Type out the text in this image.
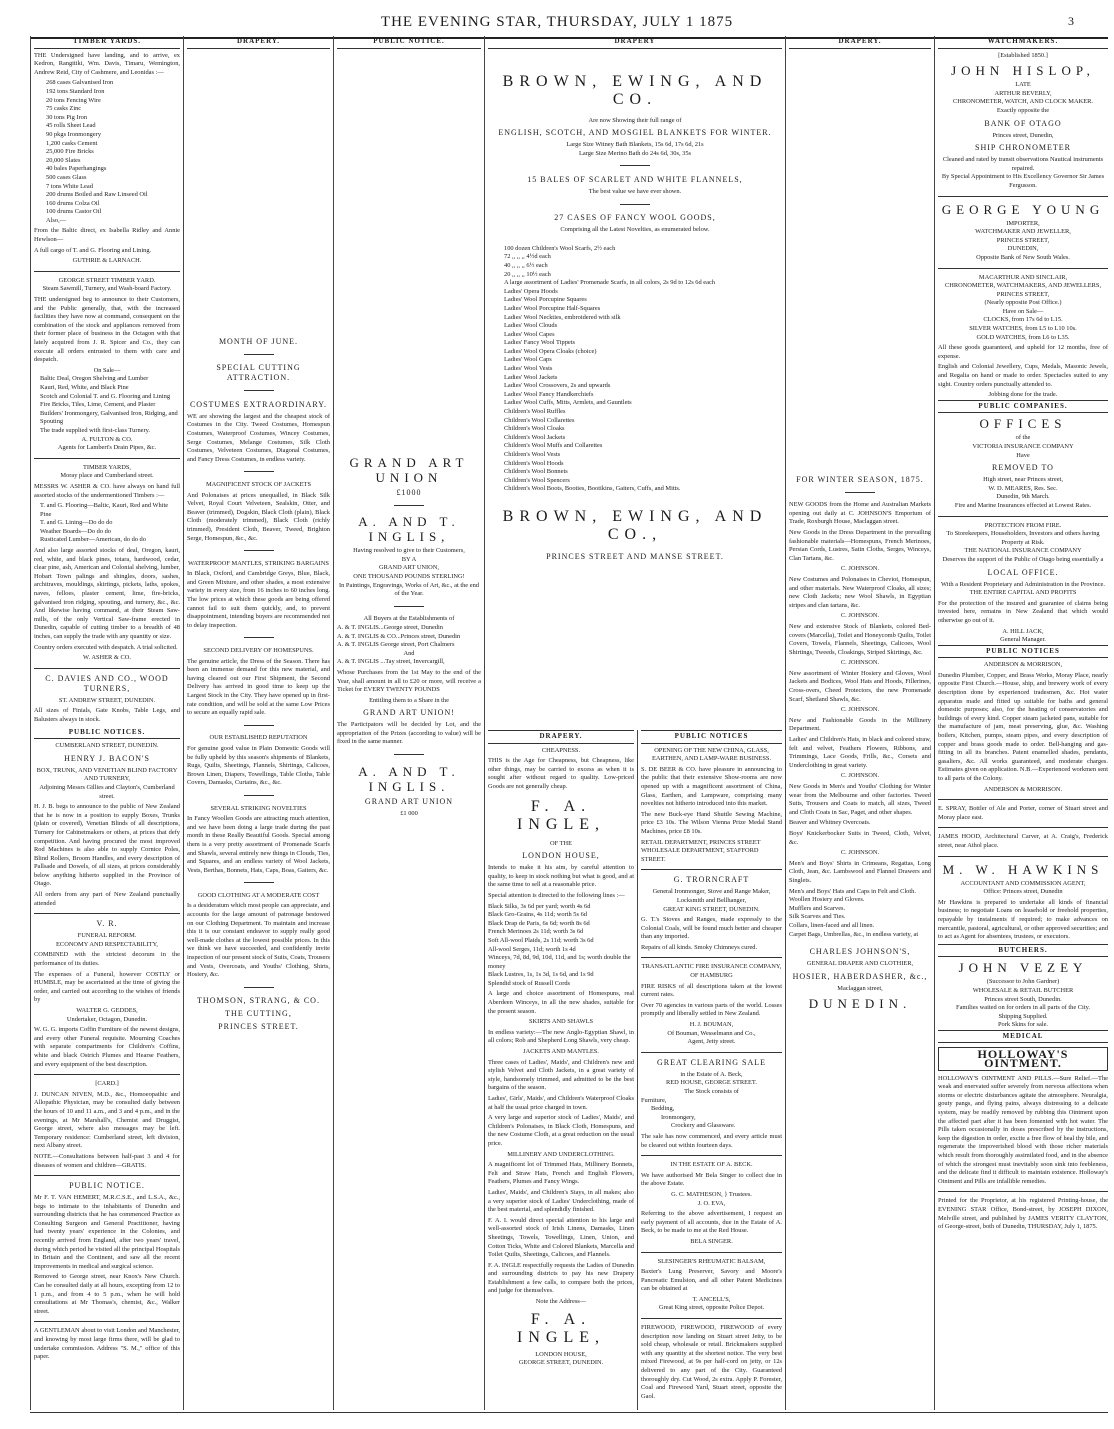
THE EVENING STAR, THURSDAY, JULY 1 1875	3
TIMBER YARDS.
THE Undersigned have landing, and to arrive, ex Kedron, Rangitiki, Wm. Davis, Timaru, Wemington, Andrew Reid, City of Cashmere, and Leonidas :—
268 cases Galvanised Iron
192 tons Standard Iron
20 tons Fencing Wire
75 casks Zinc
30 tons Pig Iron
45 rolls Sheet Lead
90 pkgs Ironmongery
1,200 casks Cement
25,000 Fire Bricks
20,000 Slates
40 bales Paperhangings
500 cases Glass
7 tons White Lead
200 drums Boiled and Raw Linseed Oil
160 drums Colza Oil
100 drums Castor Oil
Also,—
From the Baltic direct, ex Isabella Ridley and Annie Hewlson—
A full cargo of T. and G. Flooring and Lining.
GUTHRIE & LARNACH.
GEORGE STREET TIMBER YARD.
Steam Sawmill, Turnery, and Wash-board Factory.
THE undersigned beg to announce to their Customers, and the Public generally, that, with the increased facilities they have now at command, consequent on the combination of the stock and appliances removed from their former place of business in the Octagon with that lately acquired from J. R. Spicer and Co., they can execute all orders entrusted to them with care and despatch.
On Sale—
Baltic Deal, Oregon Shelving and Lumber
Kauri, Red, White, and Black Pine
Scotch and Colonial T. and G. Flooring and Lining
Fire Bricks, Tiles, Lime, Cement, and Plaster
Builders' Ironmongery, Galvanised Iron, Ridging, and Spouting
The trade supplied with first-class Turnery.
A. FULTON & CO.
Agents for Lambert's Drain Pipes, &c.
TIMBER YARDS,
Moray place and Cumberland street.
MESSRS W. ASHER & CO. have always on hand full assorted stocks of the undermentioned Timbers :—
T. and G. Flooring—Baltic, Kauri, Red and White Pine
T. and G. Lining—Do do do
Weather Boards—Do do do
Rusticated Lumber—American, do do do
And also large assorted stocks of deal, Oregon, kauri, red, white, and black pines, totara, hardwood, cedar, clear pine, ash, American and Colonial shelving, lumber, Hobart Town palings and shingles, doors, sashes, architraves, mouldings, skirtings, pickets, laths, spokes, naves, felloes, plaster cement, lime, fire-bricks, galvanised iron ridging, spouting, and turnery, &c., &c. And likewise having command, at their Steam Saw-mills, of the only Vertical Saw-frame erected in Dunedin, capable of cutting timber to a breadth of 48 inches, can supply the trade with any quantity or size.
Country orders executed with despatch. A trial solicited.
W. ASHER & CO.
C. DAVIES AND CO., WOOD TURNERS,
ST. ANDREW STREET, DUNEDIN.
All sizes of Finials, Gate Knobs, Table Legs, and Balusters always in stock.
PUBLIC NOTICES.
CUMBERLAND STREET, DUNEDIN.
HENRY J. BACON'S
BOX, TRUNK, AND VENETIAN BLIND FACTORY AND TURNERY,
Adjoining Messrs Gillies and Clayton's, Cumberland street.
H. J. B. begs to announce to the public of New Zealand that he is now in a position to supply Boxes, Trunks (plain or covered), Venetian Blinds of all descriptions, Turnery for Cabinetmakers or others, at prices that defy competition. And having procured the most improved Rod Machines is also able to supply Cornice Poles, Blind Rollers, Broom Handles, and every description of Pallsade and Dowels, of all sizes, at prices considerably below anything hitherto supplied in the Province of Otago.
All orders from any part of New Zealand punctually attended
V. R.
FUNERAL REFORM.
ECONOMY AND RESPECTABILITY,
COMBINED with the strictest decorum in the performance of its duties.
The expenses of a Funeral, however COSTLY or HUMBLE, may be ascertained at the time of giving the order, and carried out according to the wishes of friends by
WALTER G. GEDDES,
Undertaker, Octagon, Dunedin.
W. G. G. imports Coffin Furniture of the newest designs, and every other Funeral requisite. Mourning Coaches with separate compartments for Children's Coffins, white and black Ostrich Plumes and Hearse Feathers, and every equipment of the best description.
[CARD.]
J. DUNCAN NIVEN, M.D., &c., Homoeopathic and Allopathic Physician, may be consulted daily between the hours of 10 and 11 a.m., and 3 and 4 p.m., and in the evenings, at Mr Marshall's, Chemist and Druggist, George street, where also messages may be left. Temporary residence: Cumberland street, left division, next Albany street.
NOTE.—Consultations between half-past 3 and 4 for diseases of women and children—GRATIS.
PUBLIC NOTICE.
Mr F. T. VAN HEMERT, M.R.C.S.E., and L.S.A., &c., begs to intimate to the inhabitants of Dunedin and surrounding districts that he has commenced Practice as Consulting Surgeon and General Practitioner, having had twenty years' experience in the Colonies, and recently arrived from England, after two years' travel, during which period he visited all the principal Hospitals in Britain and the Continent, and saw all the recent improvements in medical and surgical science.
Removed to George street, near Knox's New Church. Can be consulted daily at all hours, excepting from 12 to 1 p.m., and from 4 to 5 p.m., when he will hold consultations at Mr Thomas's, chemist, &c., Walker street.
A GENTLEMAN about to visit London and Manchester, and knowing by most large firms there, will be glad to undertake commission. Address "S. M.," office of this paper.
DRAPERY.
MONTH OF JUNE.
SPECIAL CUTTING ATTRACTION.
COSTUMES EXTRAORDINARY.
WE are showing the largest and the cheapest stock of Costumes in the City. Tweed Costumes, Homespun Costumes, Waterproof Costumes, Wincey Costumes, Serge Costumes, Melange Costumes, Silk Cloth Costumes, Velveteen Costumes, Diagonal Costumes, and Fancy Dress Costumes, in endless variety.
MAGNIFICENT STOCK OF JACKETS
And Polonaises at prices unequalled, in Black Silk Velvet, Royal Court Velveteen, Sealskin, Otter, and Beaver (trimmed), Dogskin, Black Cloth (plain), Black Cloth (moderately trimmed), Black Cloth (richly trimmed), President Cloth, Beaver, Tweed, Brighton Serge, Homespun, &c., &c.
WATERPROOF MANTLES, STRIKING BARGAINS
In Black, Oxford, and Cambridge Greys, Blue, Black, and Green Mixture, and other shades, a most extensive variety in every size, from 16 inches to 60 inches long. The low prices at which these goods are being offered cannot fail to suit them quickly, and, to prevent disappointment, intending buyers are recommended not to delay inspection.
SECOND DELIVERY OF HOMESPUNS.
The genuine article, the Dress of the Season. There has been an immense demand for this new material, and having cleared out our First Shipment, the Second Delivery has arrived in good time to keep up the Largest Stock in the City. They have opened up in first-rate condition, and will be sold at the same Low Prices to secure an equally rapid sale.
OUR ESTABLISHED REPUTATION
For genuine good value in Plain Domestic Goods will be fully upheld by this season's shipments of Blankets, Rugs, Quilts, Sheetings, Flannels, Shirtings, Calicoes, Brown Linen, Diapers, Towellings, Table Cloths, Table Covers, Damasks, Curtains, &c., &c.
SEVERAL STRIKING NOVELTIES
In Fancy Woollen Goods are attracting much attention, and we have been doing a large trade during the past month in these Really Beautiful Goods. Special among them is a very pretty assortment of Promenade Scarfs and Shawls, several entirely new things in Clouds, Ties, and Squares, and an endless variety of Wool Jackets, Vests, Berthas, Bonnets, Hats, Caps, Boas, Gaiters, &c.
GOOD CLOTHING AT A MODERATE COST
Is a desideratum which most people can appreciate, and accounts for the large amount of patronage bestowed on our Clothing Department. To maintain and increase this it is our constant endeavor to supply really good well-made clothes at the lowest possible prices. In this we think we have succeeded, and confidently invite inspection of our present stock of Suits, Coats, Trousers and Vests, Overcoats, and Youths' Clothing, Shirts, Hosiery, &c.
THOMSON, STRANG, & CO.
THE CUTTING,
PRINCES STREET.
PUBLIC NOTICE.
GRAND ART UNION
£1000
A. AND T. INGLIS,
Having resolved to give to their Customers,
BY A
GRAND ART UNION,
ONE THOUSAND POUNDS STERLING!
In Paintings, Engravings, Works of Art, &c., at the end of the Year.
All Buyers at the Establishments of
A. & T. INGLIS...George street, Dunedin
A. & T. INGLIS & CO...Princes street, Dunedin
A. & T. INGLIS George street, Port Chalmers
And
A. & T. INGLIS ...Tay street, Invercargill,
Whose Purchases from the 1st May to the end of the Year, shall amount in all to £20 or more, will receive a Ticket for EVERY TWENTY POUNDS
Entitling them to a Share in the
GRAND ART UNION!
The Participators will be decided by Lot, and the appropriation of the Prizes (according to value) will be fixed in the same manner.
A. AND T. INGLIS.
GRAND ART UNION
£1 000
DRAPERY
BROWN, EWING, AND CO.
Are now Showing their full range of
ENGLISH, SCOTCH, AND MOSGIEL BLANKETS FOR WINTER.
Large Size Witney Bath Blankets, 15s 6d, 17s 6d, 21s
Large Size Merino Bath do 24s 6d, 30s, 35s
15 BALES OF SCARLET AND WHITE FLANNELS,
The best value we have ever shown.
27 CASES OF FANCY WOOL GOODS,
Comprising all the Latest Novelties, as enumerated below.
100 dozen Children's Wool Scarfs, 2½ each
72 ,, ,, ,, 4½d each
40 ,, ,, ,, 6½ each
20 ,, ,, ,, 10½ each
A large assortment of Ladies' Promenade Scarfs, in all colors, 2s 9d to 12s 6d each
Ladies' Opera Hoods
Ladies' Wool Porcupine Squares
Ladies' Wool Porcupine Half-Squares
Ladies' Wool Neckties, embroidered with silk
Ladies' Wool Clouds
Ladies' Wool Capes
Ladies' Fancy Wool Tippets
Ladies' Wool Opera Cloaks (choice)
Ladies' Wool Caps
Ladies' Wool Vests
Ladies' Wool Jackets
Ladies' Wool Crossovers, 2s and upwards
Ladies' Wool Fancy Handkerchiefs
Ladies' Wool Cuffs, Mitts, Armlets, and Gauntlets
Children's Wool Ruffles
Children's Wool Collarettes
Children's Wool Cloaks
Children's Wool Jackets
Children's Wool Muffs and Collarettes
Children's Wool Vests
Children's Wool Hoods
Children's Wool Bonnets
Children's Wool Spencers
Children's Wool Boots, Booties, Bootikins, Gaiters, Cuffs, and Mitts.
BROWN, EWING, AND CO.,
PRINCES STREET AND MANSE STREET.
DRAPERY.
CHEAPNESS.
THIS is the Age for Cheapness, but Cheapness, like other things, may be carried to excess as when it is sought after without regard to quality. Low-priced Goods are not generally cheap.
F. A. INGLE,
OF THE
LONDON HOUSE,
Intends to make it his aim, by careful attention to quality, to keep in stock nothing but what is good, and at the same time to sell at a reasonable price.
Special attention is directed to the following lines :—
Black Silks, 3s 6d per yard; worth 4s 6d
Black Gro-Grains, 4s 11d; worth 5s 6d
Black Drap de Paris, 6s 6d; worth 8s 6d
French Merinoes 2s 11d; worth 3s 6d
Soft All-wool Plaids, 2s 11d; worth 3s 6d
All-wool Serges, 11d; worth 1s 4d
Winceys, 7d, 8d, 9d, 10d, 11d, and 1s; worth double the money
Black Lustres, 1s, 1s 3d, 1s 6d, and 1s 9d
Splendid stock of Russell Cords
A large and choice assortment of Homespuns, real Aberdeen Winceys, in all the new shades, suitable for the present season.
SKIRTS AND SHAWLS
In endless variety:—The new Anglo-Egyptian Shawl, in all colors; Rob and Shepherd Long Shawls, very cheap.
JACKETS AND MANTLES.
Three cases of Ladies', Maids', and Children's new and stylish Velvet and Cloth Jackets, in a great variety of style, handsomely trimmed, and admitted to be the best bargains of the season.
Ladies', Girls', Maids', and Children's Waterproof Cloaks at half the usual price charged in town.
A very large and superior stock of Ladies', Maids', and Children's Polonaises, in Black Cloth, Homespuns, and the new Costume Cloth, at a great reduction on the usual price.
MILLINERY AND UNDERCLOTHING.
A magnificent lot of Trimmed Hats, Millinery Bonnets, Felt and Straw Hats, French and English Flowers, Feathers, Plumes and Fancy Wings.
Ladies', Maids', and Children's Stays, in all makes; also a very superior stock of Ladies' Underclothing, made of the best material, and splendidly finished.
F. A. I. would direct special attention to his large and well-assorted stock of Irish Linens, Damasks, Linen Sheetings, Towels, Towellings, Linen, Union, and Cotton Ticks, White and Colored Blankets, Marcella and Toilet Quilts, Sheetings, Calicoes, and Flannels.
F. A. INGLE respectfully requests the Ladies of Dunedin and surrounding districts to pay his new Drapery Establishment a few calls, to compare both the prices, and judge for themselves.
Note the Address—
F. A. INGLE,
LONDON HOUSE,
GEORGE STREET, DUNEDIN.
PUBLIC NOTICES
OPENING OF THE NEW CHINA, GLASS, EARTHEN, AND LAMP-WARE BUSINESS.
S. DE BEER & CO. have pleasure in announcing to the public that their extensive Show-rooms are now opened up with a magnificent assortment of China, Glass, Earthen, and Lampware, comprising many novelties not hitherto introduced into this market.
The new Buck-eye Hand Shuttle Sewing Machine, price £3 10s. The Wilson Vienna Prize Medal Stand Machines, price £8 10s.
RETAIL DEPARTMENT, PRINCES STREET
WHOLESALE DEPARTMENT, STAFFORD STREET.
G. TRORNCRAFT
General Ironmonger, Stove and Range Maker, Locksmith and Bellhanger,
GREAT KING STREET, DUNEDIN.
G. T.'s Stoves and Ranges, made expressly to the Colonial Coals, will be found much better and cheaper than any imported.
Repairs of all kinds. Smoky Chimneys cured.
TRANSATLANTIC FIRE INSURANCE COMPANY, OF HAMBURG
FIRE RISKS of all descriptions taken at the lowest current rates.
Over 70 agencies in various parts of the world. Losses promptly and liberally settled in New Zealand.
H. J. BOUMAN,
Of Bouman, Wesselmann and Co.,
Agent, Jetty street.
GREAT CLEARING SALE
in the Estate of A. Beck,
RED HOUSE, GEORGE STREET.
The Stock consists of
Furniture,
Bedding,
Ironmongery,
Crockery and Glassware.
The sale has now commenced, and every article must be cleared out within fourteen days.
IN THE ESTATE OF A. BECK.
We have authorised Mr Bela Singer to collect due in the above Estate.
G. C. MATHESON, } Trustees.
J. O. EVA,
Referring to the above advertisement, I request an early payment of all accounts, due in the Estate of A. Beck, to be made to me at the Red House.
BELA SINGER.
SLESINGER'S RHEUMATIC BALSAM,
Baxter's Lung Preserver, Savory and Moore's Pancreatic Emulsion, and all other Patent Medicines can be obtained at
T. ANCELL'S,
Great King street, opposite Police Depot.
FIREWOOD, FIREWOOD, FIREWOOD of every description now landing on Stuart street Jetty, to be sold cheap, wholesale or retail. Brickmakers supplied with any quantity at the shortest notice. The very best mixed Firewood, at 9s per half-cord on jetty, or 12s delivered to any part of the City. Guaranteed thoroughly dry. Cut Wood, 2s extra. Apply P. Forester, Coal and Firewood Yard, Stuart street, opposite the Gaol.
DRAPERY.
FOR WINTER SEASON, 1875.
NEW GOODS from the Home and Australian Markets opening out daily at C. JOHNSON'S Emporium of Trade, Roxburgh House, Maclaggan street.
New Goods in the Dress Department in the prevailing fashionable materials—Homespuns, French Merinoes, Persian Cords, Lustres, Satin Cloths, Serges, Winceys, Clan Tartans, &c.
C. JOHNSON.
New Costumes and Polonaises in Cheviot, Homespun, and other materials. New Waterproof Cloaks, all sizes; new Cloth Jackets; new Wool Shawls, in Egyptian stripes and clan tartans, &c.
C. JOHNSON.
New and extensive Stock of Blankets, colored Bed-covers (Marcella), Toilet and Honeycomb Quilts, Toilet Covers, Towels, Flannels, Sheetings, Calicoes, Wool Shirtings, Tweeds, Cloakings, Striped Skirtings, &c.
C. JOHNSON.
New assortment of Winter Hosiery and Gloves, Wool Jackets and Bodices, Wool Hats and Hoods, Fillerines, Cross-overs, Cheed Protectors, the new Promenade Scarf, Shetland Shawls, &c.
C. JOHNSON.
New and Fashionable Goods in the Millinery Department.
Ladies' and Children's Hats, in black and colored straw, felt and velvet, Feathers Flowers, Ribbons, and Trimmings, Lace Goods, Frills, &c., Corsets and Underclothing in great variety.
C. JOHNSON.
New Goods in Men's and Youths' Clothing for Winter wear from the Melbourne and other factories. Tweed Suits, Trousers and Coats to match, all sizes, Tweed and Cloth Coats in Sac, Paget, and other shapes.
Beaver and Whitney Overcoats.
Boys' Knickerbocker Suits in Tweed, Cloth, Velvet, &c.
C. JOHNSON.
Men's and Boys' Shirts in Crimeans, Regattas, Long Cloth, Jean, &c. Lambswool and Flannel Drawers and Singlets.
Men's and Boys' Hats and Caps in Felt and Cloth.
Woollen Hosiery and Gloves.
Mufflers and Scarves.
Silk Scarves and Ties.
Collars, linen-faced and all linen.
Carpet Bags, Umbrellas, &c., in endless variety, at
CHARLES JOHNSON'S,
GENERAL DRAPER AND CLOTHIER,
HOSIER, HABERDASHER, &c.,
Maclaggan street,
DUNEDIN.
WATCHMAKERS.
[Established 1850.]
JOHN HISLOP,
LATE
ARTHUR BEVERLY,
CHRONOMETER, WATCH, AND CLOCK MAKER.
Exactly opposite the
BANK OF OTAGO
Princes street, Dunedin,
SHIP CHRONOMETER
Cleaned and rated by transit observations Nautical instruments repaired.
By Special Appointment to His Excellency Governor Sir James Fergusson.
GEORGE YOUNG
IMPORTER,
WATCHMAKER AND JEWELLER,
PRINCES STREET,
DUNEDIN,
Opposite Bank of New South Wales.
MACARTHUR AND SINCLAIR,
CHRONOMETER, WATCHMAKERS, AND JEWELLERS,
PRINCES STREET,
(Nearly opposite Post Office.)
Have on Sale—
CLOCKS, from 17s 6d to L15.
SILVER WATCHES, from L5 to L10 10s.
GOLD WATCHES, from L6 to L35.
All these goods guaranteed, and upheld for 12 months, free of expense.
English and Colonial Jewellery, Cups, Medals, Masonic Jewels, and Regalia on hand or made to order. Spectacles suited to any sight. Country orders punctually attended to.
Jobbing done for the trade.
PUBLIC COMPANIES.
OFFICES
of the
VICTORIA INSURANCE COMPANY
Have
REMOVED TO
High street, near Princes street,
W. D. MEARES, Res. Sec.
Dunedin, 9th March.
Fire and Marine Insurances effected at Lowest Rates.
PROTECTION FROM FIRE.
To Storekeepers, Householders, Investors and others having Property at Risk.
THE NATIONAL INSURANCE COMPANY
Deserves the support of the Public of Otago being essentially a
LOCAL OFFICE.
With a Resident Proprietary and Administration in the Province.
THE ENTIRE CAPITAL AND PROFITS
For the protection of the insured and guarantee of claims being invested here, remains in New Zealand that which would otherwise go out of it.
A. HILL JACK,
General Manager.
PUBLIC NOTICES
ANDERSON & MORRISON,
Dunedin Plumber, Copper, and Brass Works, Moray Place, nearly opposite First Church.—House, ship, and brewery work of every description done by experienced tradesmen, &c. Hot water apparatus made and fitted up suitable for baths and general domestic purposes; also, for the heating of conservatories and buildings of every kind. Copper steam jacketed pans, suitable for the manufacture of jam, meat preserving, glue, &c. Washing boilers, Kitchen, pumps, steam pipes, and every description of copper and brass goods made to order. Bell-hanging and gas-fitting in all its branches. Patent enamelled shades, pendants, gasaliers, &c. All works guaranteed, and moderate charges. Estimates given on application. N.B.—Experienced workmen sent to all parts of the Colony.
ANDERSON & MORRISON.
E. SPRAY, Bottler of Ale and Porter, corner of Stuart street and Moray place east.
JAMES HOOD, Architectural Carver, at A. Craig's, Frederick street, near Athol place.
M. W. HAWKINS
ACCOUNTANT AND COMMISSION AGENT,
Office: Princes street, Dunedin
Mr Hawkins is prepared to undertake all kinds of financial business; to negotiate Loans on leasehold or freehold properties, repayable by instalments if required; to make advances on mercantile, pastoral, agricultural, or other approved securities; and to act as Agent for absentees, trustees, or executors.
BUTCHERS.
JOHN VEZEY
(Successor to John Gardner)
WHOLESALE & RETAIL BUTCHER
Princes street South, Dunedin.
Families waited on for orders in all parts of the City.
Shipping Supplied.
Pork Skins for sale.
MEDICAL
HOLLOWAY'S OINTMENT.
HOLLOWAY'S OINTMENT AND PILLS.—Sure Relief.—The weak and enervated suffer severely from nervous affections when storms or electric disturbances agitate the atmosphere. Neuralgia, gouty pangs, and flying pains, always distressing to a delicate system, may be readily removed by rubbing this Ointment upon the affected part after it has been fomented with hot water. The Pills taken occasionally in doses prescribed by the instructions, keep the digestion in order, excite a free flow of heal thy bile, and regenerate the impoverished blood with those richer materials which result from thoroughly assimilated food, and in the absence of which the strongest must inevitably soon sink into feebleness, and the delicate find it difficult to maintain existence. Holloway's Ointment and Pills are infallible remedies.
Printed for the Proprietor, at his registered Printing-house, the EVENING STAR Office, Bond-street, by JOSEPH DIXON, Melville street, and published by JAMES VERITY CLAYTON, of George-street, both of Dunedin, THURSDAY, July 1, 1875.
